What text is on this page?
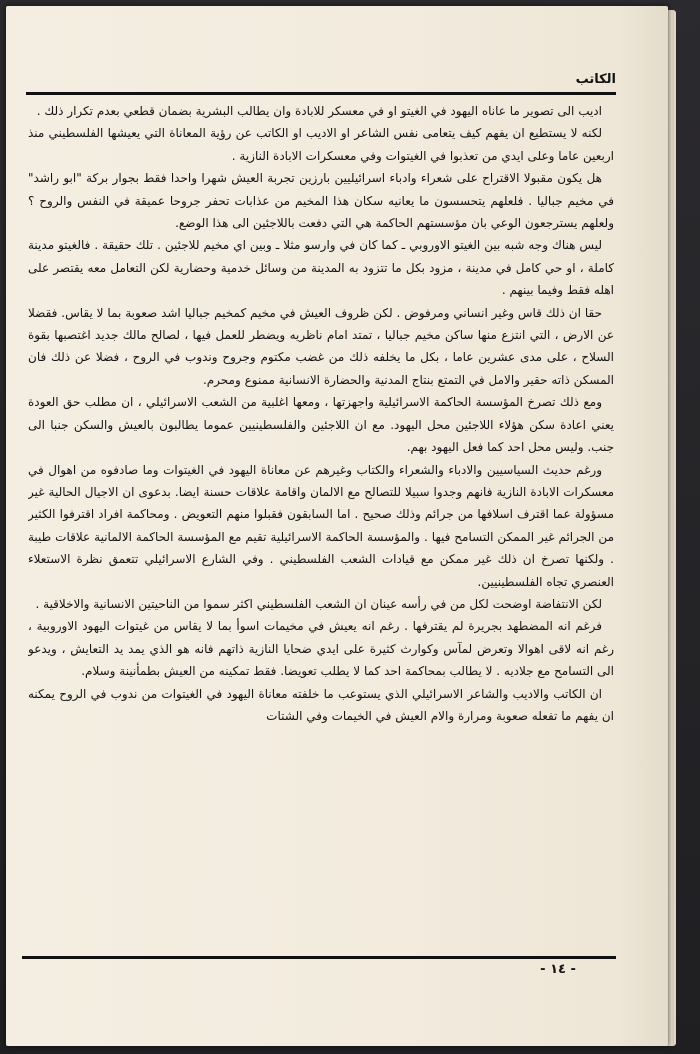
الكاتب

اديب الى تصوير ما عاناه اليهود في الغيتو او في معسكر للابادة وان يطالب البشرية بضمان قطعي بعدم تكرار ذلك .

لكنه لا يستطيع ان يفهم كيف يتعامى نفس الشاعر او الاديب او الكاتب عن رؤية المعاناة التي يعيشها الفلسطيني منذ اربعين عاما وعلى ايدي من تعذبوا في الغيتوات وفي معسكرات الابادة النازية .

هل يكون مقبولا الاقتراح على شعراء وادباء اسرائيليين بارزين تجربة العيش شهرا واحدا فقط بجوار بركة "ابو راشد" في مخيم جباليا . فلعلهم يتحسسون ما يعانيه سكان هذا المخيم من عذابات تحفر جروحا عميقة في النفس والروح ؟ ولعلهم يسترجعون الوعي بان مؤسستهم الحاكمة هي التي دفعت باللاجئين الى هذا الوضع.

ليس هناك وجه شبه بين الغيتو الاوروبي ـ كما كان في وارسو مثلا ـ وبين اي مخيم للاجئين . تلك حقيقة . فالغيتو مدينة كاملة ، او حي كامل في مدينة ، مزود بكل ما تتزود به المدينة من وسائل خدمية وحضارية لكن التعامل معه يقتصر على اهله فقط وفيما بينهم .

حقا ان ذلك قاس وغير انساني ومرفوض . لكن ظروف العيش في مخيم كمخيم جباليا اشد صعوبة بما لا يقاس. فقضلا عن الارض ، التي انتزع منها ساكن مخيم جباليا ، تمتد امام ناظريه ويضطر للعمل فيها ، لصالح مالك جديد اغتصبها بقوة السلاح ، على مدى عشرين عاما ، بكل ما يخلفه ذلك من غضب مكتوم وجروح وندوب في الروح ، فضلا عن ذلك فان المسكن ذاته حقير والامل في التمتع بنتاج المدنية والحضارة الانسانية ممنوع ومحرم.

ومع ذلك تصرخ المؤسسة الحاكمة الاسرائيلية واجهزتها ، ومعها اغلبية من الشعب الاسرائيلي ، ان مطلب حق العودة يعني اعادة سكن هؤلاء اللاجئين محل اليهود. مع ان اللاجئين والفلسطينيين عموما يطالبون بالعيش والسكن جنبا الى جنب. وليس محل احد كما فعل اليهود بهم.

ورغم حديث السياسيين والادباء والشعراء والكتاب وغيرهم عن معاناة اليهود في الغيتوات وما صادفوه من اهوال في معسكرات الابادة النازية فانهم وجدوا سبيلا للتصالح مع الالمان واقامة علاقات حسنة ايضا. بدعوى ان الاجيال الحالية غير مسؤولة عما اقترف اسلافها من جرائم وذلك صحيح . اما السابقون فقبلوا منهم التعويض . ومحاكمة افراد اقترفوا الكثير من الجرائم غير الممكن التسامح فيها . والمؤسسة الحاكمة الاسرائيلية تقيم مع المؤسسة الحاكمة الالمانية علاقات طيبة . ولكنها تصرخ ان ذلك غير ممكن مع قيادات الشعب الفلسطيني . وفي الشارع الاسرائيلي تتعمق نظرة الاستعلاء العنصري تجاه الفلسطينيين.

لكن الانتفاضة اوضحت لكل من في رأسه عينان ان الشعب الفلسطيني اكثر سموا من الناحيتين الانسانية والاخلاقية .

فرغم انه المضطهد بجريرة لم يقترفها . رغم انه يعيش في مخيمات اسوأ بما لا يقاس من غيتوات اليهود الاوروبية ، رغم انه لاقى اهوالا وتعرض لمآس وكوارث كثيرة على ايدي ضحايا النازية ذاتهم فانه هو الذي يمد يد التعايش ، ويدعو الى التسامح مع جلاديه . لا يطالب بمحاكمة احد كما لا يطلب تعويضا. فقط تمكينه من العيش بطمأنينة وسلام.

ان الكاتب والاديب والشاعر الاسرائيلي الذي يستوعب ما خلفته معاناة اليهود في الغيتوات من ندوب في الروح يمكنه ان يفهم ما تفعله صعوبة ومرارة والام العيش في الخيمات وفي الشتات

- ١٤ -
